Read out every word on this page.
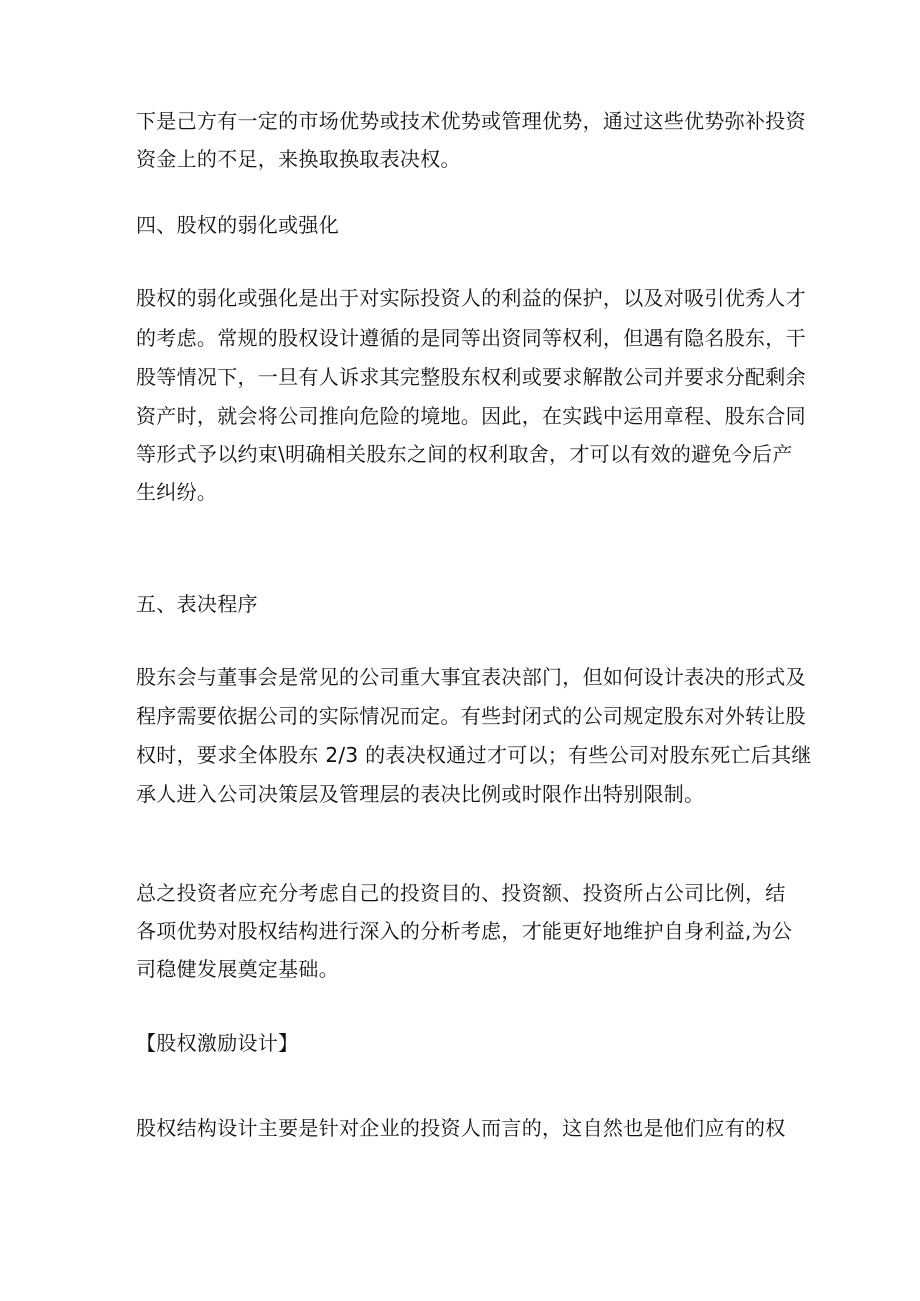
下是己方有一定的市场优势或技术优势或管理优势，通过这些优势弥补投资
资金上的不足，来换取换取表决权。
四、股权的弱化或强化
股权的弱化或强化是出于对实际投资人的利益的保护，以及对吸引优秀人才
的考虑。常规的股权设计遵循的是同等出资同等权利，但遇有隐名股东，干
股等情况下，一旦有人诉求其完整股东权利或要求解散公司并要求分配剩余
资产时，就会将公司推向危险的境地。因此，在实践中运用章程、股东合同
等形式予以约束\明确相关股东之间的权利取舍，才可以有效的避免今后产
生纠纷。
五、表决程序
股东会与董事会是常见的公司重大事宜表决部门，但如何设计表决的形式及
程序需要依据公司的实际情况而定。有些封闭式的公司规定股东对外转让股
权时，要求全体股东 2/3 的表决权通过才可以；有些公司对股东死亡后其继
承人进入公司决策层及管理层的表决比例或时限作出特别限制。
总之投资者应充分考虑自己的投资目的、投资额、投资所占公司比例，结
各项优势对股权结构进行深入的分析考虑，才能更好地维护自身利益,为公
司稳健发展奠定基础。
【股权激励设计】
股权结构设计主要是针对企业的投资人而言的，这自然也是他们应有的权
